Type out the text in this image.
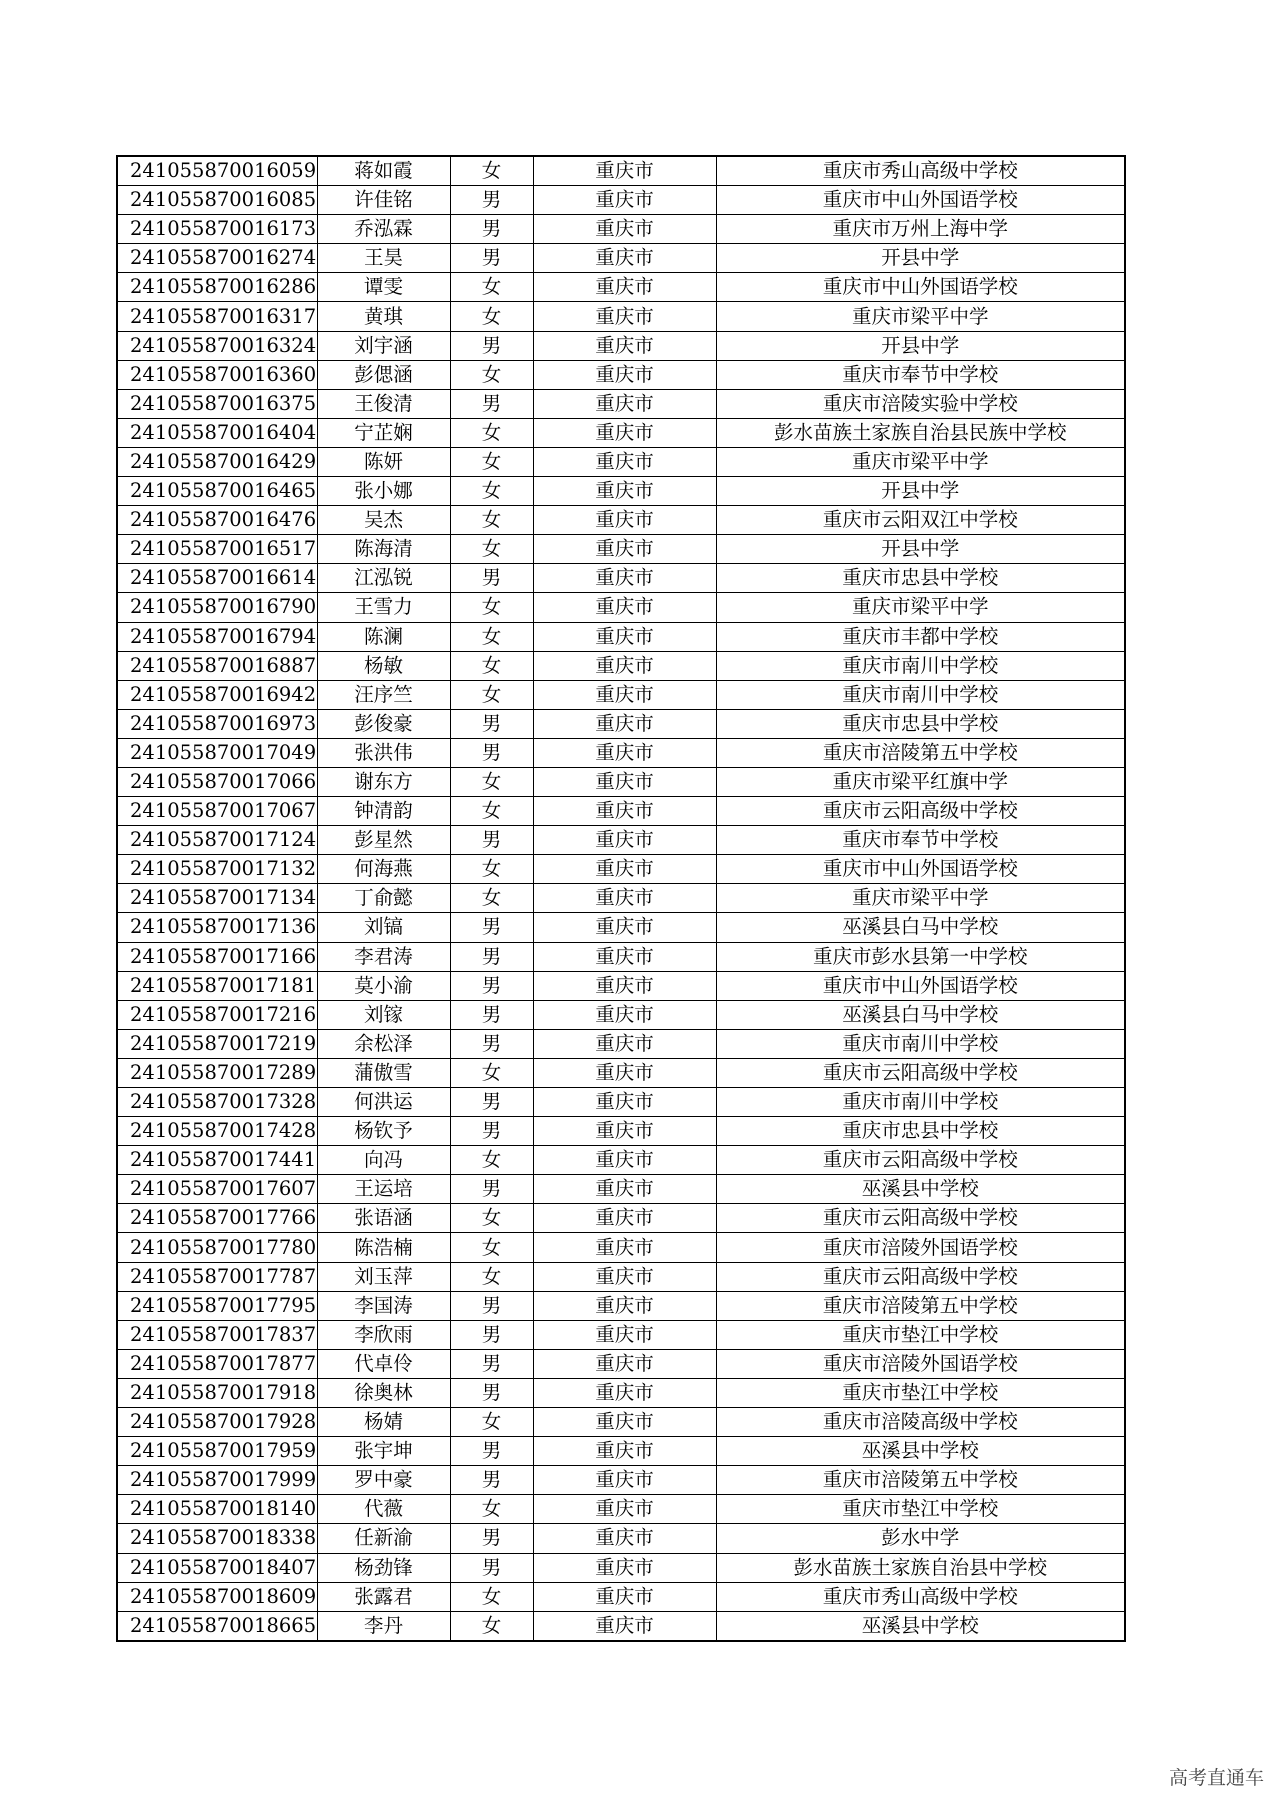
241055870016059	蒋如霞	女	重庆市	重庆市秀山高级中学校
241055870016085	许佳铭	男	重庆市	重庆市中山外国语学校
241055870016173	乔泓霖	男	重庆市	重庆市万州上海中学
241055870016274	王昊	男	重庆市	开县中学
241055870016286	谭雯	女	重庆市	重庆市中山外国语学校
241055870016317	黄琪	女	重庆市	重庆市梁平中学
241055870016324	刘宇涵	男	重庆市	开县中学
241055870016360	彭偲涵	女	重庆市	重庆市奉节中学校
241055870016375	王俊清	男	重庆市	重庆市涪陵实验中学校
241055870016404	宁芷娴	女	重庆市	彭水苗族土家族自治县民族中学校
241055870016429	陈妍	女	重庆市	重庆市梁平中学
241055870016465	张小娜	女	重庆市	开县中学
241055870016476	吴杰	女	重庆市	重庆市云阳双江中学校
241055870016517	陈海清	女	重庆市	开县中学
241055870016614	江泓锐	男	重庆市	重庆市忠县中学校
241055870016790	王雪力	女	重庆市	重庆市梁平中学
241055870016794	陈澜	女	重庆市	重庆市丰都中学校
241055870016887	杨敏	女	重庆市	重庆市南川中学校
241055870016942	汪序竺	女	重庆市	重庆市南川中学校
241055870016973	彭俊豪	男	重庆市	重庆市忠县中学校
241055870017049	张洪伟	男	重庆市	重庆市涪陵第五中学校
241055870017066	谢东方	女	重庆市	重庆市梁平红旗中学
241055870017067	钟清韵	女	重庆市	重庆市云阳高级中学校
241055870017124	彭星然	男	重庆市	重庆市奉节中学校
241055870017132	何海燕	女	重庆市	重庆市中山外国语学校
241055870017134	丁俞懿	女	重庆市	重庆市梁平中学
241055870017136	刘镐	男	重庆市	巫溪县白马中学校
241055870017166	李君涛	男	重庆市	重庆市彭水县第一中学校
241055870017181	莫小渝	男	重庆市	重庆市中山外国语学校
241055870017216	刘镓	男	重庆市	巫溪县白马中学校
241055870017219	余松泽	男	重庆市	重庆市南川中学校
241055870017289	蒲傲雪	女	重庆市	重庆市云阳高级中学校
241055870017328	何洪运	男	重庆市	重庆市南川中学校
241055870017428	杨钦予	男	重庆市	重庆市忠县中学校
241055870017441	向冯	女	重庆市	重庆市云阳高级中学校
241055870017607	王运培	男	重庆市	巫溪县中学校
241055870017766	张语涵	女	重庆市	重庆市云阳高级中学校
241055870017780	陈浩楠	女	重庆市	重庆市涪陵外国语学校
241055870017787	刘玉萍	女	重庆市	重庆市云阳高级中学校
241055870017795	李国涛	男	重庆市	重庆市涪陵第五中学校
241055870017837	李欣雨	男	重庆市	重庆市垫江中学校
241055870017877	代卓伶	男	重庆市	重庆市涪陵外国语学校
241055870017918	徐奥林	男	重庆市	重庆市垫江中学校
241055870017928	杨婧	女	重庆市	重庆市涪陵高级中学校
241055870017959	张宇坤	男	重庆市	巫溪县中学校
241055870017999	罗中豪	男	重庆市	重庆市涪陵第五中学校
241055870018140	代薇	女	重庆市	重庆市垫江中学校
241055870018338	任新渝	男	重庆市	彭水中学
241055870018407	杨劲锋	男	重庆市	彭水苗族土家族自治县中学校
241055870018609	张露君	女	重庆市	重庆市秀山高级中学校
241055870018665	李丹	女	重庆市	巫溪县中学校
高考直通车
